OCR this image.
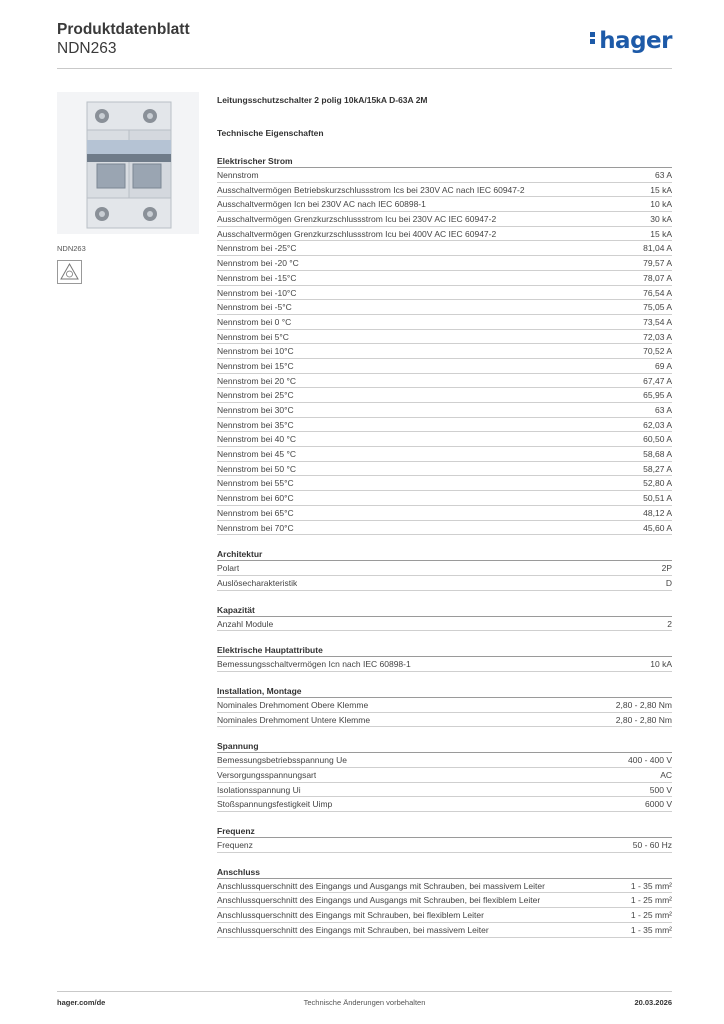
Produktdatenblatt
NDN263	hager
NDN263
Leitungsschutzschalter 2 polig 10kA/15kA D-63A 2M
Technische Eigenschaften
Elektrischer Strom
Nennstrom	63 A
Ausschaltvermögen Betriebskurzschlussstrom Ics bei 230V AC nach IEC 60947-2	15 kA
Ausschaltvermögen Icn bei 230V AC nach IEC 60898-1	10 kA
Ausschaltvermögen Grenzkurzschlussstrom Icu bei 230V AC IEC 60947-2	30 kA
Ausschaltvermögen Grenzkurzschlussstrom Icu bei 400V AC IEC 60947-2	15 kA
Nennstrom bei -25°C	81,04 A
Nennstrom bei -20 °C	79,57 A
Nennstrom bei -15°C	78,07 A
Nennstrom bei -10°C	76,54 A
Nennstrom bei -5°C	75,05 A
Nennstrom bei 0 °C	73,54 A
Nennstrom bei 5°C	72,03 A
Nennstrom bei 10°C	70,52 A
Nennstrom bei 15°C	69 A
Nennstrom bei 20 °C	67,47 A
Nennstrom bei 25°C	65,95 A
Nennstrom bei 30°C	63 A
Nennstrom bei 35°C	62,03 A
Nennstrom bei 40 °C	60,50 A
Nennstrom bei 45 °C	58,68 A
Nennstrom bei 50 °C	58,27 A
Nennstrom bei 55°C	52,80 A
Nennstrom bei 60°C	50,51 A
Nennstrom bei 65°C	48,12 A
Nennstrom bei 70°C	45,60 A
Architektur
Polart	2P
Auslösecharakteristik	D
Kapazität
Anzahl Module	2
Elektrische Hauptattribute
Bemessungsschaltvermögen Icn nach IEC 60898-1	10 kA
Installation, Montage
Nominales Drehmoment Obere Klemme	2,80 - 2,80 Nm
Nominales Drehmoment Untere Klemme	2,80 - 2,80 Nm
Spannung
Bemessungsbetriebsspannung Ue	400 - 400 V
Versorgungsspannungsart	AC
Isolationsspannung Ui	500 V
Stoßspannungsfestigkeit Uimp	6000 V
Frequenz
Frequenz	50 - 60 Hz
Anschluss
Anschlussquerschnitt des Eingangs und Ausgangs mit Schrauben, bei massivem Leiter	1 - 35 mm²
Anschlussquerschnitt des Eingangs und Ausgangs mit Schrauben, bei flexiblem Leiter	1 - 25 mm²
Anschlussquerschnitt des Eingangs mit Schrauben, bei flexiblem Leiter	1 - 25 mm²
Anschlussquerschnitt des Eingangs mit Schrauben, bei massivem Leiter	1 - 35 mm²
hager.com/de	Technische Änderungen vorbehalten	20.03.2026
